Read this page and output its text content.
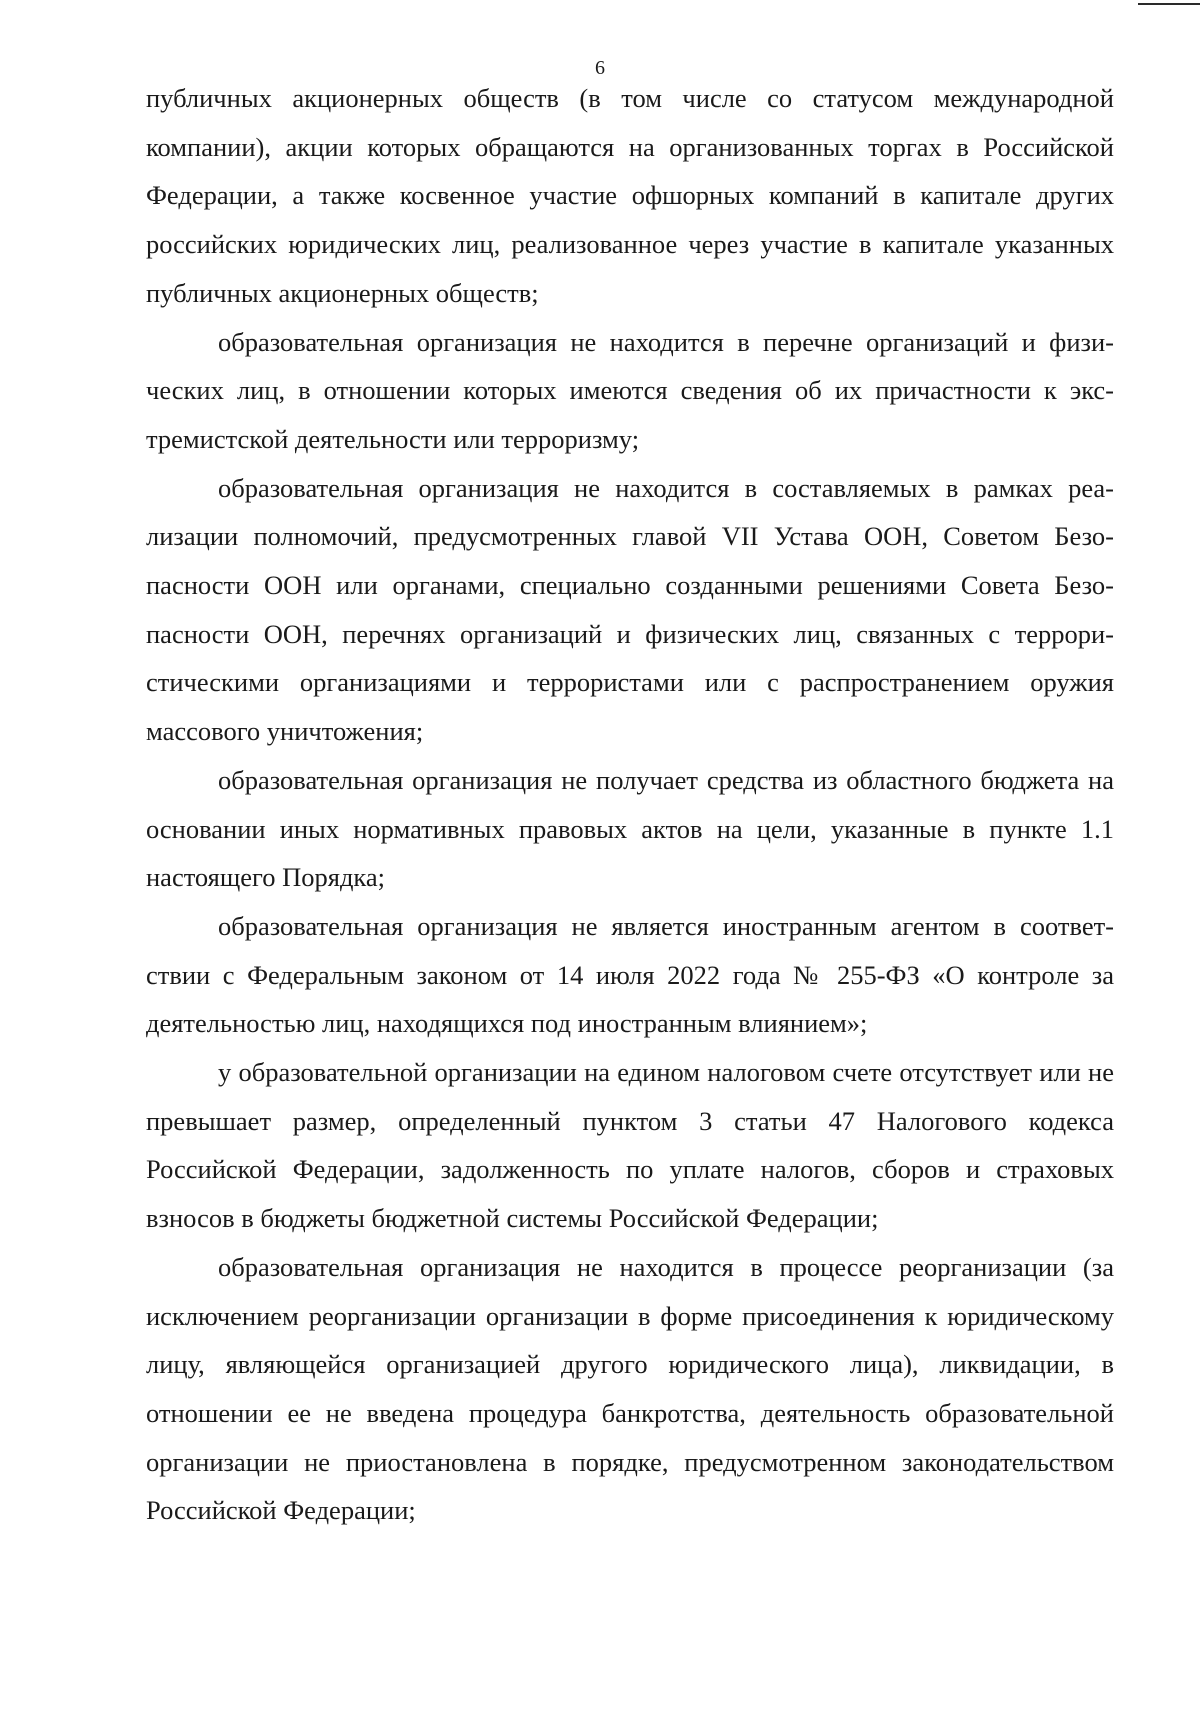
6

публичных акционерных обществ (в том числе со статусом международной компании), акции которых обращаются на организованных торгах в Российской Федерации, а также косвенное участие офшорных компаний в капитале других российских юридических лиц, реализованное через участие в капитале указанных публичных акционерных обществ;

образовательная организация не находится в перечне организаций и физических лиц, в отношении которых имеются сведения об их причастности к экстремистской деятельности или терроризму;

образовательная организация не находится в составляемых в рамках реализации полномочий, предусмотренных главой VII Устава ООН, Советом Безопасности ООН или органами, специально созданными решениями Совета Безопасности ООН, перечнях организаций и физических лиц, связанных с террористическими организациями и террористами или с распространением оружия массового уничтожения;

образовательная организация не получает средства из областного бюджета на основании иных нормативных правовых актов на цели, указанные в пункте 1.1 настоящего Порядка;

образовательная организация не является иностранным агентом в соответствии с Федеральным законом от 14 июля 2022 года № 255-ФЗ «О контроле за деятельностью лиц, находящихся под иностранным влиянием»;

у образовательной организации на едином налоговом счете отсутствует или не превышает размер, определенный пунктом 3 статьи 47 Налогового кодекса Российской Федерации, задолженность по уплате налогов, сборов и страховых взносов в бюджеты бюджетной системы Российской Федерации;

образовательная организация не находится в процессе реорганизации (за исключением реорганизации организации в форме присоединения к юридическому лицу, являющейся организацией другого юридического лица), ликвидации, в отношении ее не введена процедура банкротства, деятельность образовательной организации не приостановлена в порядке, предусмотренном законодательством Российской Федерации;
